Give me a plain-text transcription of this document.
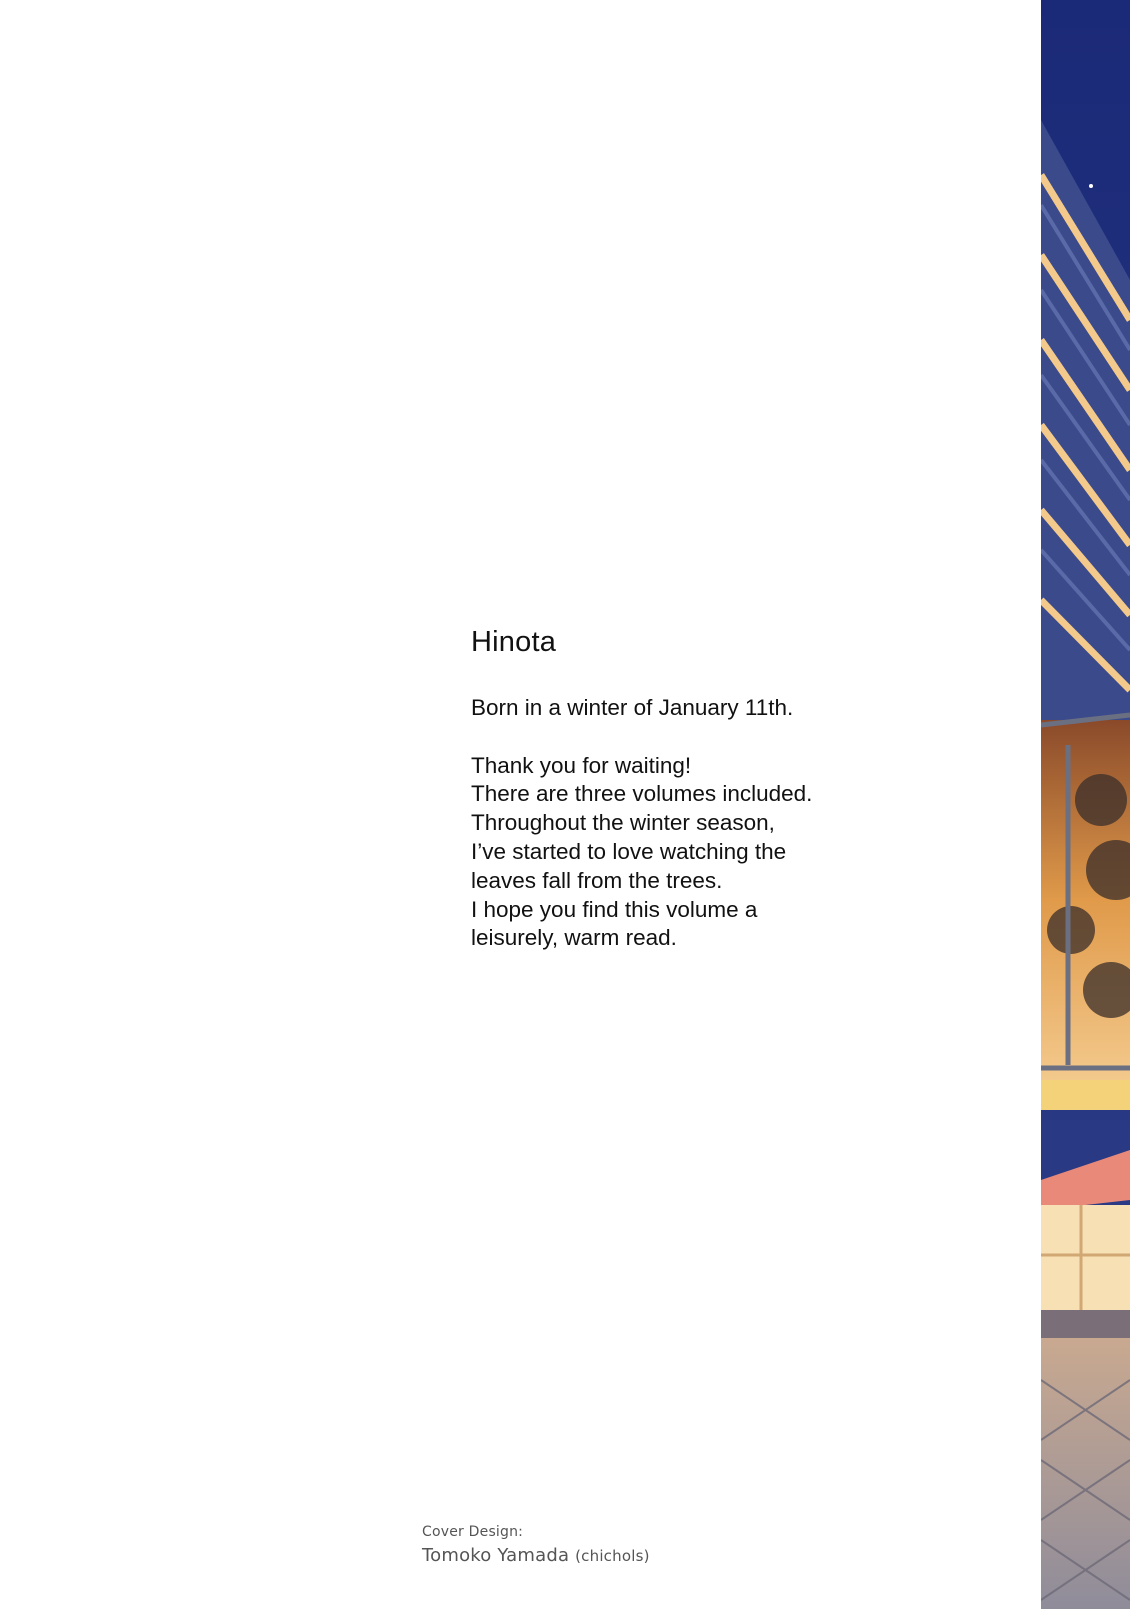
Hinota

Born in a winter of January 11th.

Thank you for waiting!
There are three volumes included.
Throughout the winter season,
I’ve started to love watching the
leaves fall from the trees.
I hope you find this volume a
leisurely, warm read.

Cover Design:
Tomoko Yamada (chichols)
